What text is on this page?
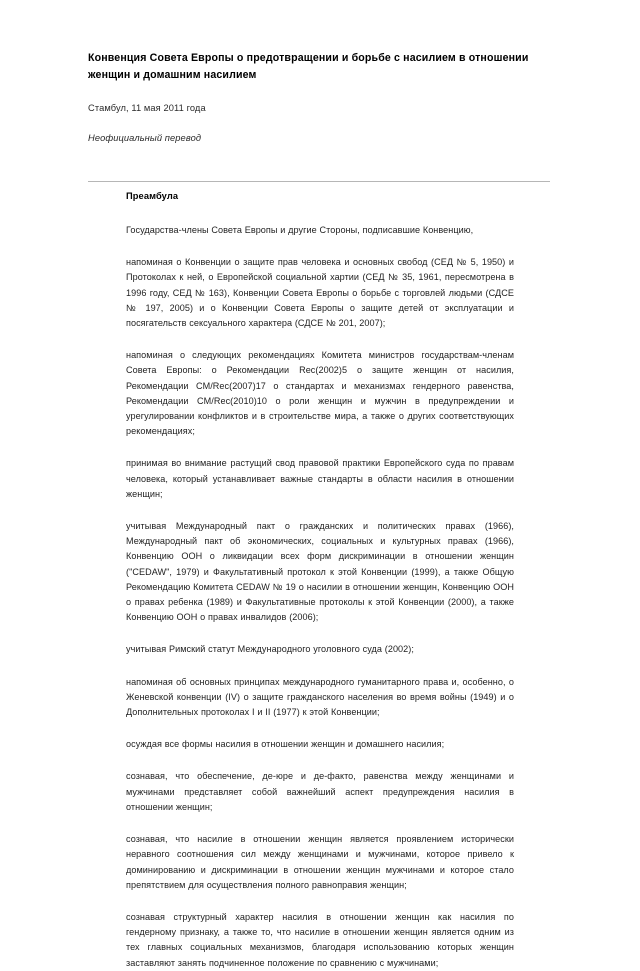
Конвенция Совета Европы о предотвращении и борьбе с насилием в отношении женщин и домашним насилием

Стамбул, 11 мая 2011 года

Неофициальный перевод

Преамбула

Государства-члены Совета Европы и другие Стороны, подписавшие Конвенцию,

напоминая о Конвенции о защите прав человека и основных свобод (СЕД № 5, 1950) и Протоколах к ней, о Европейской социальной хартии (СЕД № 35, 1961, пересмотрена в 1996 году, СЕД № 163), Конвенции Совета Европы о борьбе с торговлей людьми (СДСЕ № 197, 2005) и о Конвенции Совета Европы о защите детей от эксплуатации и посягательств сексуального характера (СДСЕ № 201, 2007);

напоминая о следующих рекомендациях Комитета министров государствам-членам Совета Европы: о Рекомендации Rec(2002)5 о защите женщин от насилия, Рекомендации CM/Rec(2007)17 о стандартах и механизмах гендерного равенства, Рекомендации CM/Rec(2010)10 о роли женщин и мужчин в предупреждении и урегулировании конфликтов и в строительстве мира, а также о других соответствующих рекомендациях;

принимая во внимание растущий свод правовой практики Европейского суда по правам человека, который устанавливает важные стандарты в области насилия в отношении женщин;

учитывая Международный пакт о гражданских и политических правах (1966), Международный пакт об экономических, социальных и культурных правах (1966), Конвенцию ООН о ликвидации всех форм дискриминации в отношении женщин ("CEDAW", 1979) и Факультативный протокол к этой Конвенции (1999), а также Общую Рекомендацию Комитета CEDAW № 19 о насилии в отношении женщин, Конвенцию ООН о правах ребенка (1989) и Факультативные протоколы к этой Конвенции (2000), а также Конвенцию ООН о правах инвалидов (2006);

учитывая Римский статут Международного уголовного суда (2002);

напоминая об основных принципах международного гуманитарного права и, особенно, о Женевской конвенции (IV) о защите гражданского населения во время войны (1949) и о Дополнительных протоколах I и II (1977) к этой Конвенции;

осуждая все формы насилия в отношении женщин и домашнего насилия;

сознавая, что обеспечение, де-юре и де-факто, равенства между женщинами и мужчинами представляет собой важнейший аспект предупреждения насилия в отношении женщин;

сознавая, что насилие в отношении женщин является проявлением исторически неравного соотношения сил между женщинами и мужчинами, которое привело к доминированию и дискриминации в отношении женщин мужчинами и которое стало препятствием для осуществления полного равноправия женщин;

сознавая структурный характер насилия в отношении женщин как насилия по гендерному признаку, а также то, что насилие в отношении женщин является одним из тех главных социальных механизмов, благодаря использованию которых женщин заставляют занять подчиненное положение по сравнению с мужчинами;
